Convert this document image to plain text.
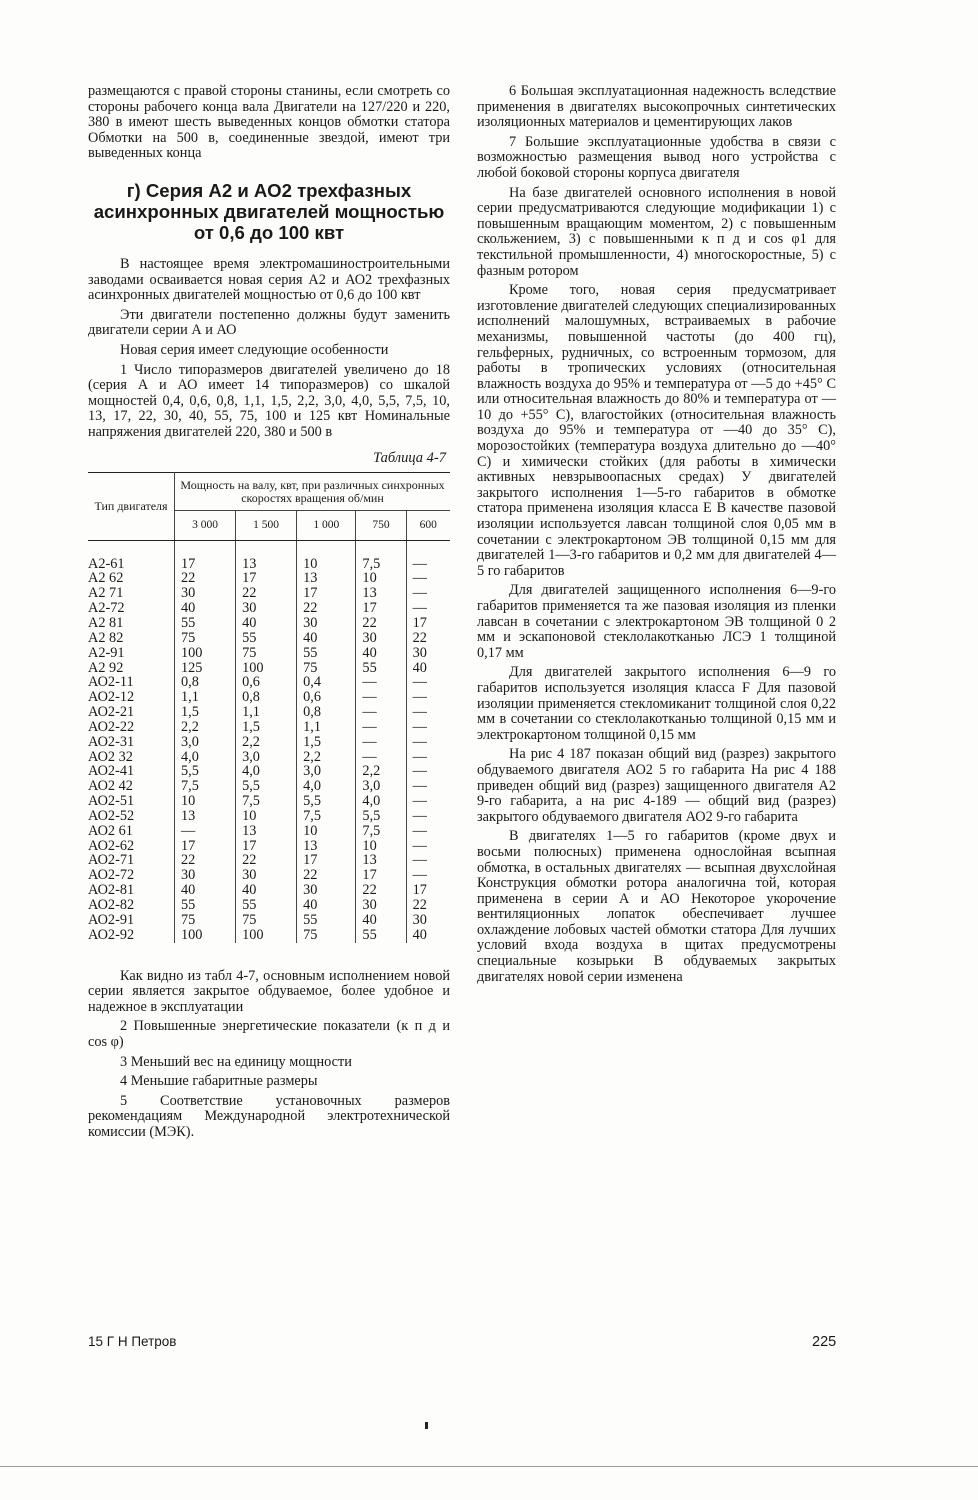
размещаются с правой стороны станины, если смотреть со стороны рабочего конца вала Двигатели на 127/220 и 220, 380 в имеют шесть выведенных концов обмотки статора Обмотки на 500 в, соединенные звездой, имеют три выведенных конца

г) Серия А2 и АО2 трехфазных асинхронных двигателей мощностью от 0,6 до 100 квт

В настоящее время электромашиностроительными заводами осваивается новая серия А2 и АО2 трехфазных асинхронных двигателей мощностью от 0,6 до 100 квт

Эти двигатели постепенно должны будут заменить двигатели серии А и АО

Новая серия имеет следующие особенности

1 Число типоразмеров двигателей увеличено до 18 (серия А и АО имеет 14 типоразмеров) со шкалой мощностей 0,4, 0,6, 0,8, 1,1, 1,5, 2,2, 3,0, 4,0, 5,5, 7,5, 10, 13, 17, 22, 30, 40, 55, 75, 100 и 125 квт Номинальные напряжения двигателей 220, 380 и 500 в

Таблица 4-7
Тип двигателя	Мощность на валу, квт, при различных синхронных скоростях вращения об/мин				
	3 000	1 500	1 000	750	600
А2-61	17	13	10	7,5	—
А2 62	22	17	13	10	—
А2 71	30	22	17	13	—
А2-72	40	30	22	17	—
А2 81	55	40	30	22	17
А2 82	75	55	40	30	22
А2-91	100	75	55	40	30
А2 92	125	100	75	55	40
АО2-11	0,8	0,6	0,4	—	—
АО2-12	1,1	0,8	0,6	—	—
АО2-21	1,5	1,1	0,8	—	—
АО2-22	2,2	1,5	1,1	—	—
АО2-31	3,0	2,2	1,5	—	—
АО2 32	4,0	3,0	2,2	—	—
АО2-41	5,5	4,0	3,0	2,2	—
АО2 42	7,5	5,5	4,0	3,0	—
АО2-51	10	7,5	5,5	4,0	—
АО2-52	13	10	7,5	5,5	—
АО2 61	—	13	10	7,5	—
АО2-62	17	17	13	10	—
АО2-71	22	22	17	13	—
АО2-72	30	30	22	17	—
АО2-81	40	40	30	22	17
АО2-82	55	55	40	30	22
АО2-91	75	75	55	40	30
АО2-92	100	100	75	55	40

Как видно из табл 4-7, основным исполнением новой серии является закрытое обдуваемое, более удобное и надежное в эксплуатации

2 Повышенные энергетические показатели (к п д и cos φ)

3 Меньший вес на единицу мощности

4 Меньшие габаритные размеры

5 Соответствие установочных размеров рекомендациям Международной электротехнической комиссии (МЭК).

6 Большая эксплуатационная надежность вследствие применения в двигателях высокопрочных синтетических изоляционных материалов и цементирующих лаков

7 Большие эксплуатационные удобства в связи с возможностью размещения вывод ного устройства с любой боковой стороны корпуса двигателя

На базе двигателей основного исполнения в новой серии предусматриваются следующие модификации 1) с повышенным вращающим моментом, 2) с повышенным скольжением, 3) с повышенными к п д и cos φ1 для текстильной промышленности, 4) многоскоростные, 5) с фазным ротором

Кроме того, новая серия предусматривает изготовление двигателей следующих специализированных исполнений малошумных, встраиваемых в рабочие механизмы, повышенной частоты (до 400 гц), гельферных, рудничных, со встроенным тормозом, для работы в тропических условиях (относительная влажность воздуха до 95% и температура от —5 до +45° С или относительная влажность до 80% и температура от —10 до +55° С), влагостойких (относительная влажность воздуха до 95% и температура от —40 до 35° С), морозостойких (температура воздуха длительно до —40° С) и химически стойких (для работы в химически активных невзрывоопасных средах) У двигателей закрытого исполнения 1—5-го габаритов в обмотке статора применена изоляция класса Е В качестве пазовой изоляции используется лавсан толщиной слоя 0,05 мм в сочетании с электрокартоном ЭВ толщиной 0,15 мм для двигателей 1—3-го габаритов и 0,2 мм для двигателей 4—5 го габаритов

Для двигателей защищенного исполнения 6—9-го габаритов применяется та же пазовая изоляция из пленки лавсан в сочетании с электрокартоном ЭВ толщиной 0 2 мм и эскапоновой стеклолакотканью ЛСЭ 1 толщиной 0,17 мм

Для двигателей закрытого исполнения 6—9 го габаритов используется изоляция класса F Для пазовой изоляции применяется стекломиканит толщиной слоя 0,22 мм в сочетании со стеклолакотканью толщиной 0,15 мм и электрокартоном толщиной 0,15 мм

На рис 4 187 показан общий вид (разрез) закрытого обдуваемого двигателя АО2 5 го габарита На рис 4 188 приведен общий вид (разрез) защищенного двигателя А2 9-го габарита, а на рис 4-189 — общий вид (разрез) закрытого обдуваемого двигателя АО2 9-го габарита

В двигателях 1—5 го габаритов (кроме двух и восьми полюсных) применена однослойная всыпная обмотка, в остальных двигателях — всыпная двухслойная Конструкция обмотки ротора аналогична той, которая применена в серии А и АО Некоторое укорочение вентиляционных лопаток обеспечивает лучшее охлаждение лобовых частей обмотки статора Для лучших условий входа воздуха в щитах предусмотрены специальные козырьки В обдуваемых закрытых двигателях новой серии изменена

15 Г Н Петров	225
